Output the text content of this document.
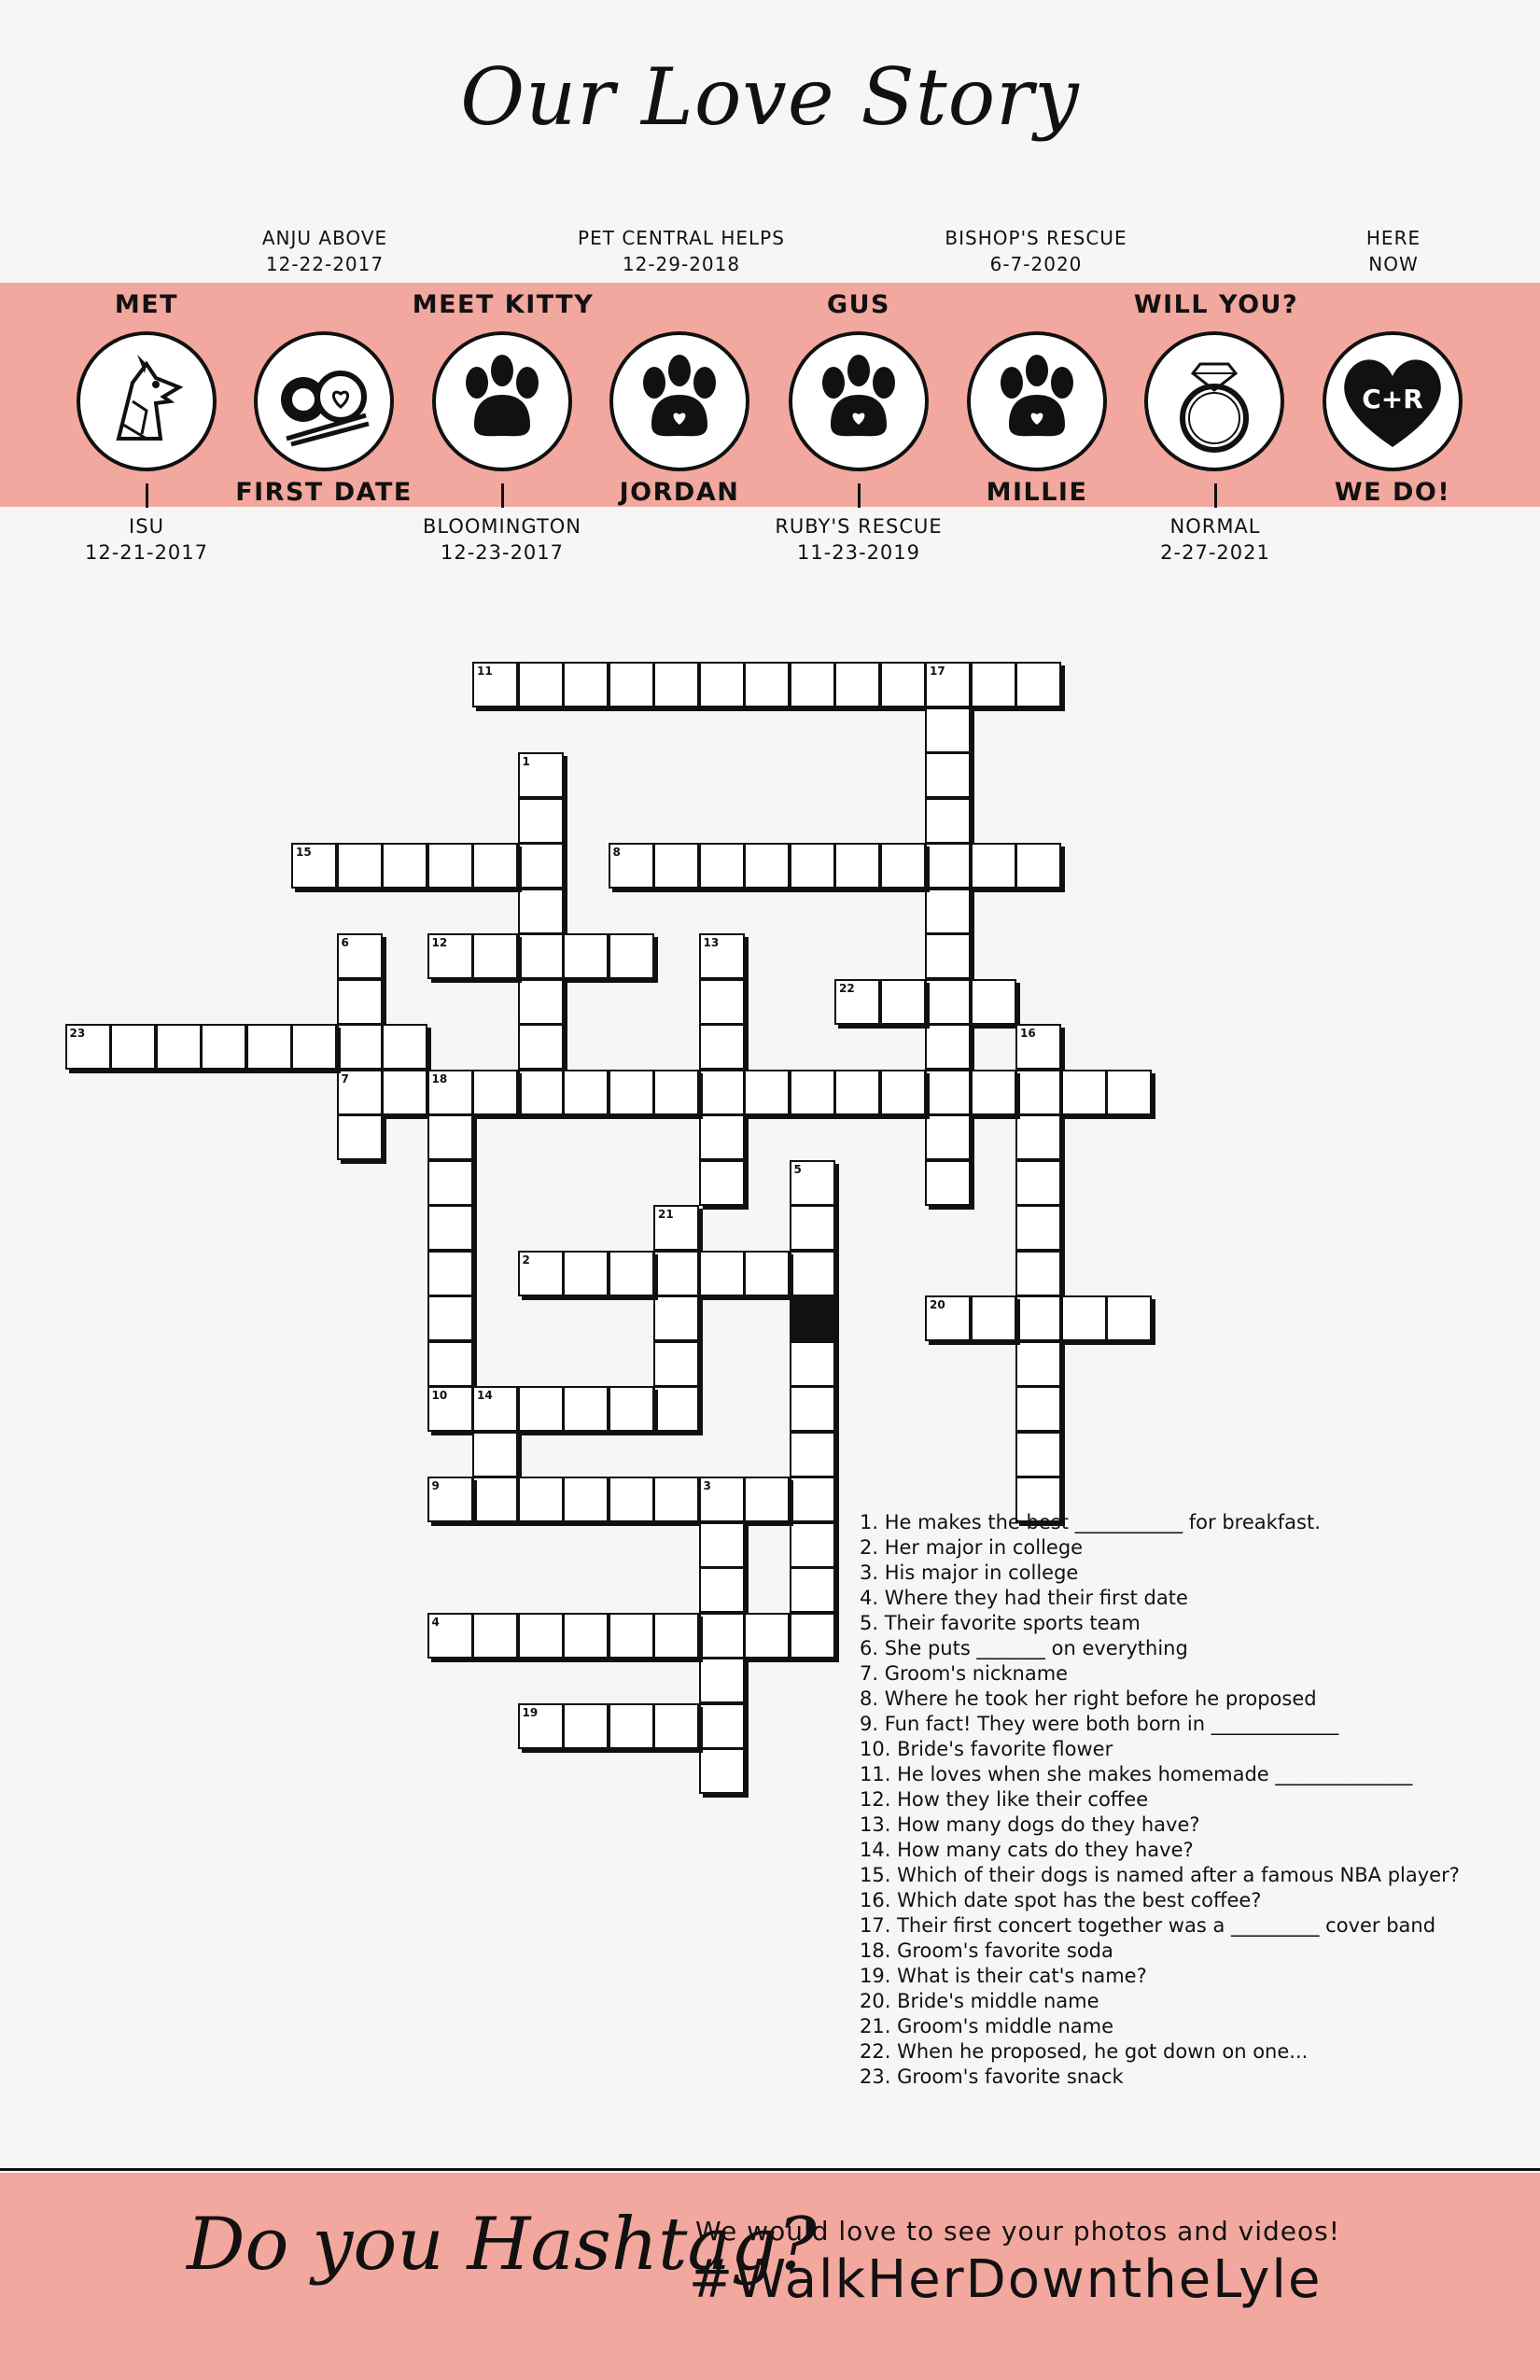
Our Love Story
ANJU ABOVE
12-22-2017
PET CENTRAL HELPS
12-29-2018
BISHOP'S RESCUE
6-7-2020
HERE
NOW
MET	MEET KITTY	GUS	WILL YOU?
C+R
FIRST DATE	JORDAN	MILLIE	WE DO!
ISU
12-21-2017
BLOOMINGTON
12-23-2017
RUBY'S RESCUE
11-23-2019
NORMAL
2-27-2021
11	17
1
15	8
6
7
12	13
22
23	16
18
10
5
21
2
20
14
9	3
4
19
1. He makes the best ___________ for breakfast.
2. Her major in college
3. His major in college
4. Where they had their first date
5. Their favorite sports team
6. She puts _______ on everything
7. Groom's nickname
8. Where he took her right before he proposed
9. Fun fact! They were both born in _____________
10. Bride's favorite flower
11. He loves when she makes homemade ______________
12. How they like their coffee
13. How many dogs do they have?
14. How many cats do they have?
15. Which of their dogs is named after a famous NBA player?
16. Which date spot has the best coffee?
17. Their first concert together was a _________ cover band
18. Groom's favorite soda
19. What is their cat's name?
20. Bride's middle name
21. Groom's middle name
22. When he proposed, he got down on one...
23. Groom's favorite snack
Do you Hashtag?
We would love to see your photos and videos!
#WalkHerDowntheLyle
